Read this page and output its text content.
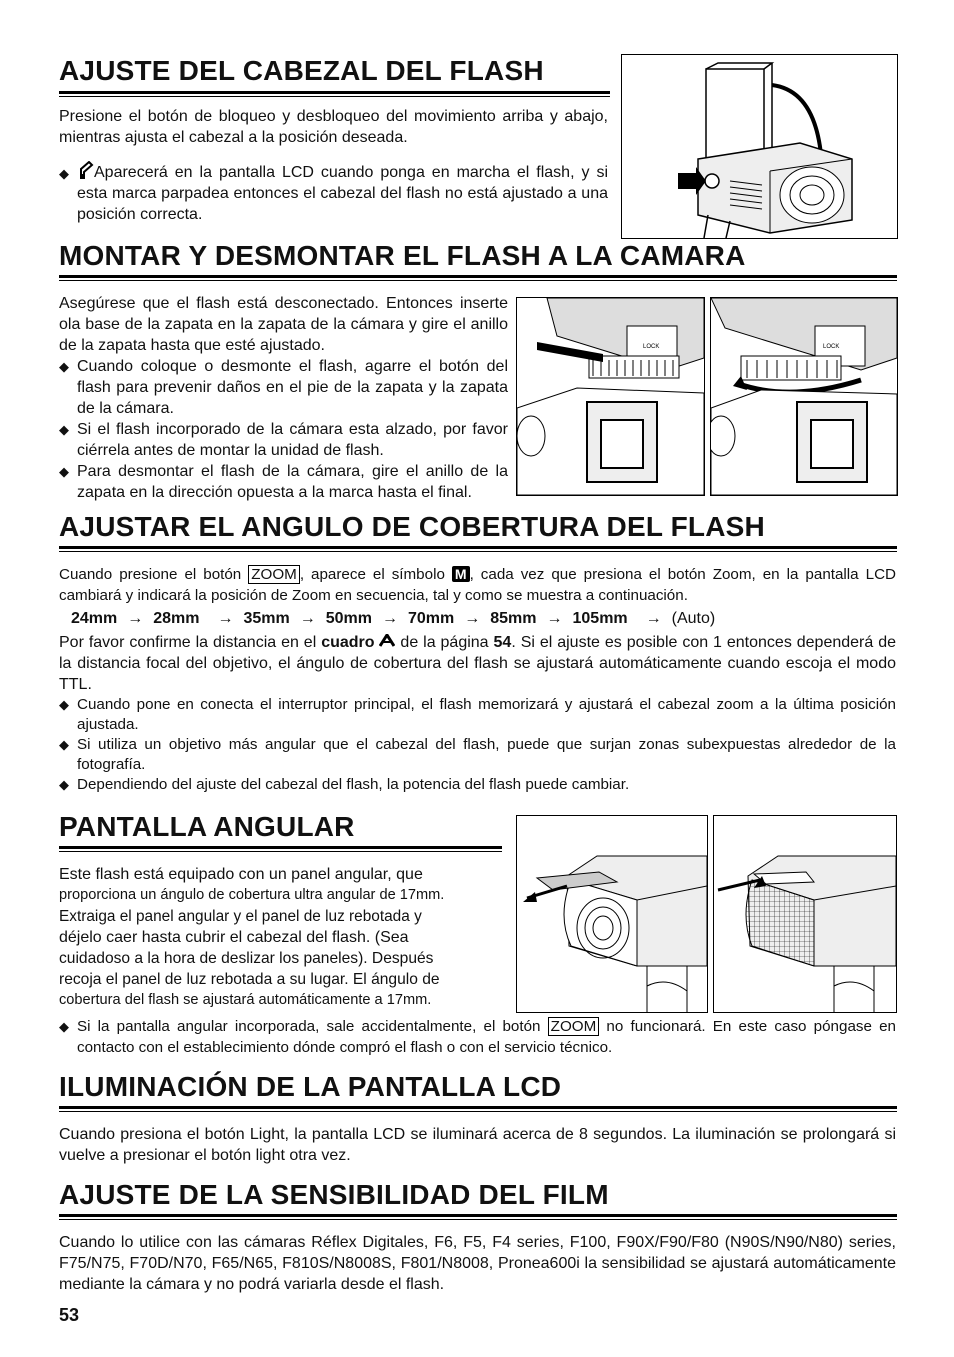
AJUSTE DEL CABEZAL DEL FLASH

Presione el botón de bloqueo y desbloqueo del movimiento arriba y abajo, mientras ajusta el cabezal a la posición deseada.

◆ Aparecerá en la pantalla LCD cuando ponga en marcha el flash, y si esta marca parpadea entonces el cabezal del flash no está ajustado a una posición correcta.
MONTAR Y DESMONTAR EL FLASH A LA CAMARA

Asegúrese que el flash está desconectado. Entonces inserte ola base de la zapata en la zapata de la cámara y gire el anillo de la zapata hasta que esté ajustado.

◆ Cuando coloque o desmonte el flash, agarre el botón del flash para prevenir daños en el pie de la zapata y la zapata de la cámara.
◆ Si el flash incorporado de la cámara esta alzado, por favor ciérrela antes de montar la unidad de flash.
◆ Para desmontar el flash de la cámara, gire el anillo de la zapata en la dirección opuesta a la marca hasta el final.
LOCK	LOCK
AJUSTAR EL ANGULO DE COBERTURA DEL FLASH
Cuando presione el botón ZOOM , aparece el símbolo M , cada vez que presiona el botón Zoom, en la pantalla LCD cambiará y indicará la posición de Zoom en secuencia, tal y como se muestra a continuación.
24mm → 28mm → 35mm → 50mm → 70mm → 85mm → 105mm → (Auto)

Por favor confirme la distancia en el cuadro  de la página 54. Si el ajuste es posible con 1 entonces dependerá de la distancia focal del objetivo, el ángulo de cobertura del flash se ajustará automáticamente cuando escoja el modo TTL.

◆ Cuando pone en conecta el interruptor principal, el flash memorizará y ajustará el cabezal zoom a la última posición ajustada.
◆ Si utiliza un objetivo más angular que el cabezal del flash, puede que surjan zonas subexpuestas alrededor de la fotografía.
◆ Dependiendo del ajuste del cabezal del flash, la potencia del flash puede cambiar.
PANTALLA ANGULAR
Este flash está equipado con un panel angular, que
proporciona un ángulo de cobertura ultra angular de 17mm.
Extraiga el panel angular y el panel de luz rebotada y
déjelo caer hasta cubrir el cabezal del flash. (Sea
cuidadoso a la hora de deslizar los paneles). Después
recoja el panel de luz rebotada a su lugar. El ángulo de
cobertura del flash se ajustará automáticamente a 17mm.
◆ Si la pantalla angular incorporada, sale accidentalmente, el botón ZOOM no funcionará. En este caso póngase en contacto con el establecimiento dónde compró el flash o con el servicio técnico.
ILUMINACIÓN DE LA PANTALLA LCD

Cuando presiona el botón Light, la pantalla LCD se iluminará acerca de 8 segundos. La iluminación se prolongará si vuelve a presionar el botón light otra vez.

AJUSTE DE LA SENSIBILIDAD DEL FILM

Cuando lo utilice con las cámaras Réflex Digitales, F6, F5, F4 series, F100, F90X/F90/F80 (N90S/N90/N80) series, F75/N75, F70D/N70, F65/N65, F810S/N8008S, F801/N8008, Pronea600i la sensibilidad se ajustará automáticamente mediante la cámara y no podrá variarla desde el flash.

53
